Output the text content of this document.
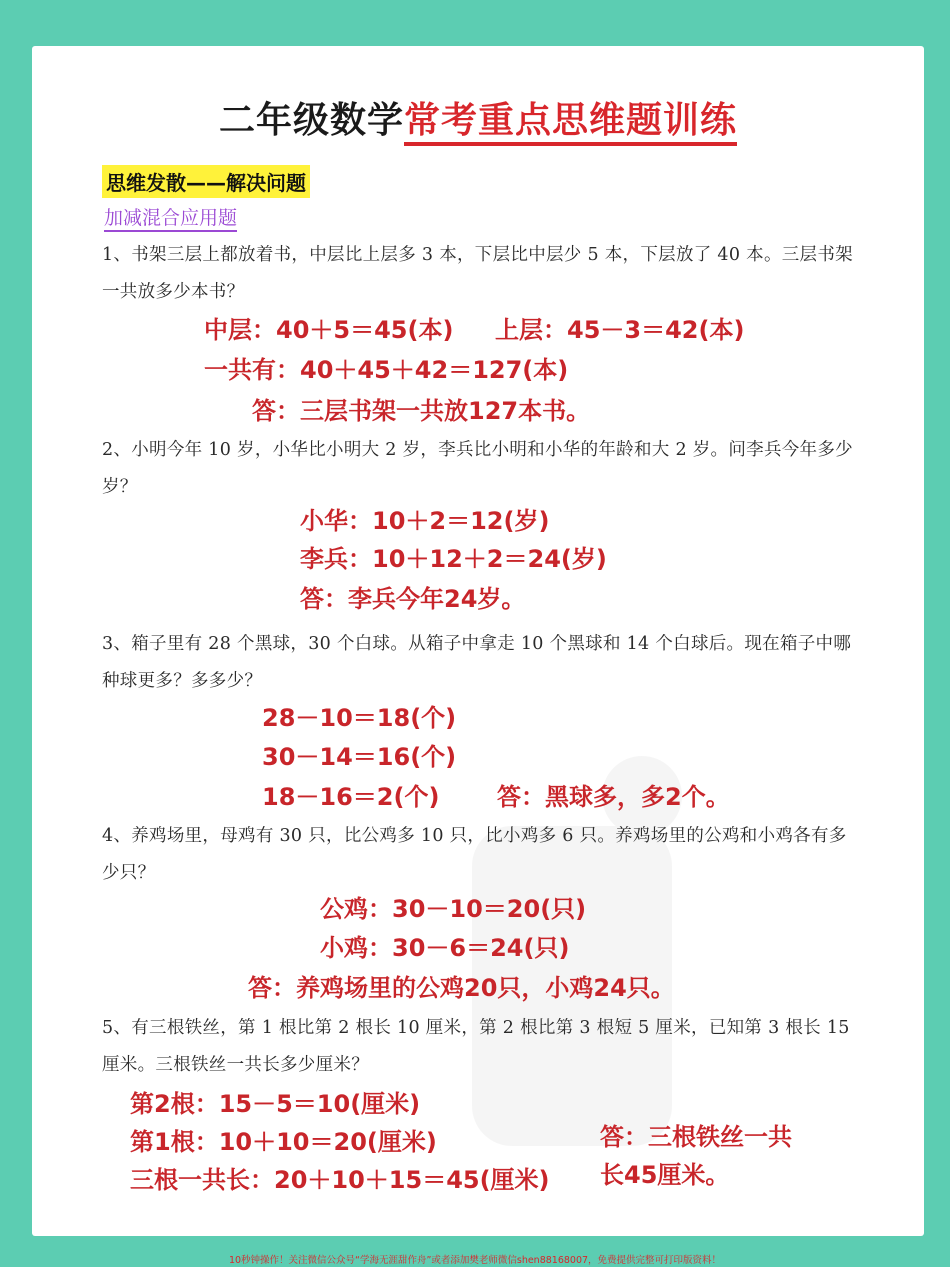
二年级数学常考重点思维题训练
思维发散——解决问题
加减混合应用题
1、书架三层上都放着书，中层比上层多 3 本，下层比中层少 5 本，下层放了 40 本。三层书架一共放多少本书？
中层：40＋5＝45(本) 上层：45－3＝42(本)
一共有：40＋45＋42＝127(本)
答：三层书架一共放127本书。
2、小明今年 10 岁，小华比小明大 2 岁，李兵比小明和小华的年龄和大 2 岁。问李兵今年多少岁？
小华：10＋2＝12(岁)
李兵：10＋12＋2＝24(岁)
答：李兵今年24岁。
3、箱子里有 28 个黑球，30 个白球。从箱子中拿走 10 个黑球和 14 个白球后。现在箱子中哪种球更多？多多少？
28－10＝18(个)
30－14＝16(个)
18－16＝2(个) 答：黑球多，多2个。
4、养鸡场里，母鸡有 30 只，比公鸡多 10 只，比小鸡多 6 只。养鸡场里的公鸡和小鸡各有多少只？
公鸡：30－10＝20(只)
小鸡：30－6＝24(只)
答：养鸡场里的公鸡20只，小鸡24只。
5、有三根铁丝，第 1 根比第 2 根长 10 厘米，第 2 根比第 3 根短 5 厘米，已知第 3 根长 15 厘米。三根铁丝一共长多少厘米？
第2根：15－5＝10(厘米)
第1根：10＋10＝20(厘米)
三根一共长：20＋10＋15＝45(厘米)
答：三根铁丝一共
长45厘米。
10秒钟操作！关注微信公众号“学海无涯甜作舟”或者添加樊老师微信shen88168007，免费提供完整可打印版资料！
